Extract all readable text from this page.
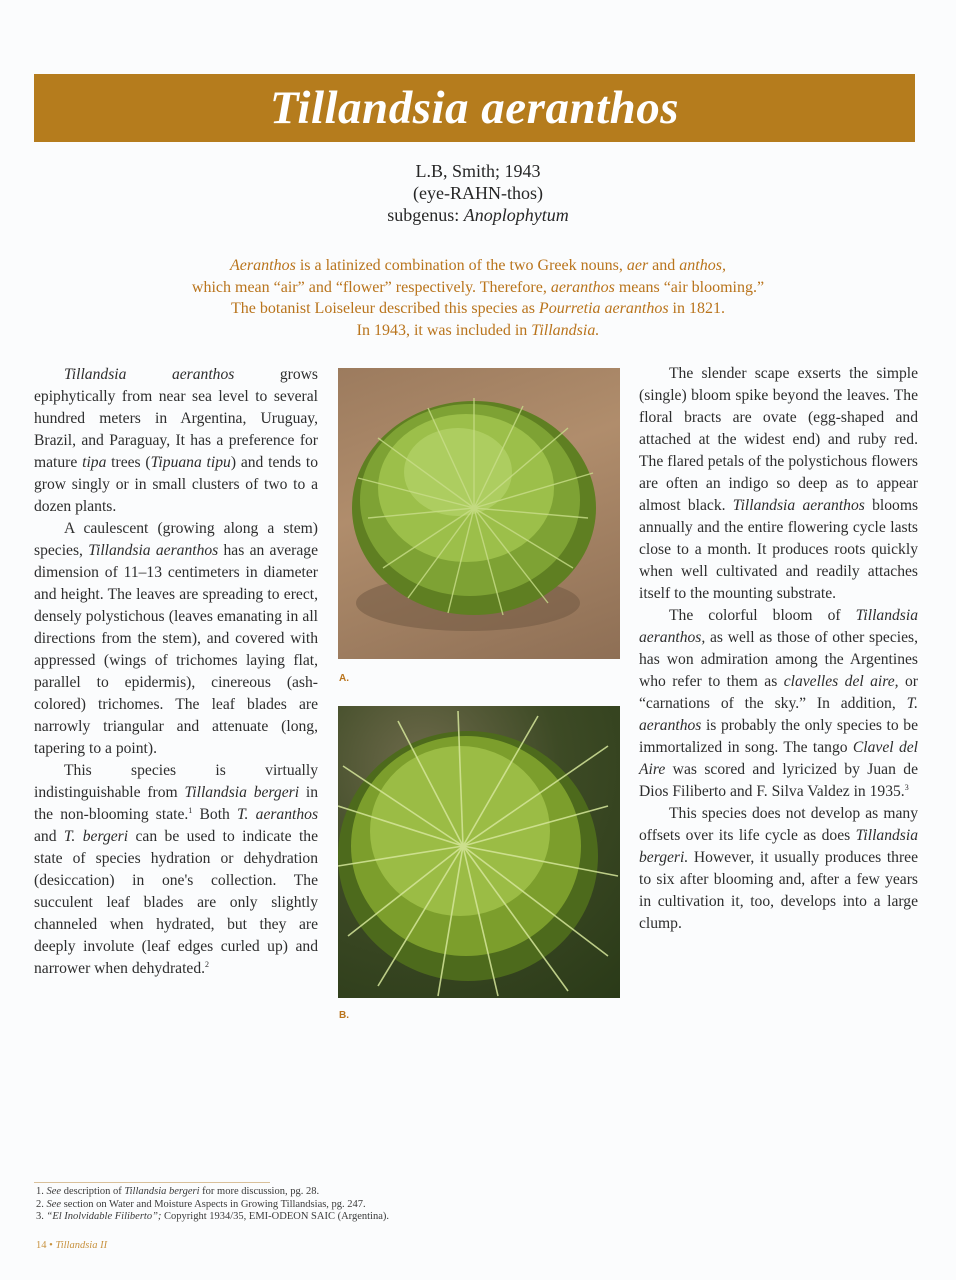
Tillandsia aeranthos
L.B, Smith; 1943
(eye-RAHN-thos)
subgenus: Anoplophytum
Aeranthos is a latinized combination of the two Greek nouns, aer and anthos,
which mean “air” and “flower” respectively. Therefore, aeranthos means “air blooming.”
The botanist Loiseleur described this species as Pourretia aeranthos in 1821.
In 1943, it was included in Tillandsia.

Tillandsia aeranthos grows epiphytically from near sea level to several hundred meters in Argentina, Uruguay, Brazil, and Paraguay, It has a preference for mature tipa trees (Tipuana tipu) and tends to grow singly or in small clusters of two to a dozen plants.

A caulescent (growing along a stem) species, Tillandsia aeranthos has an average dimension of 11–13 centimeters in diameter and height. The leaves are spreading to erect, densely polystichous (leaves emanating in all directions from the stem), and covered with appressed (wings of trichomes laying flat, parallel to epidermis), cinereous (ash-colored) trichomes. The leaf blades are narrowly triangular and attenuate (long, tapering to a point).

This species is virtually indistinguishable from Tillandsia bergeri in the non-blooming state.$^1$ Both T. aeranthos and T. bergeri can be used to indicate the state of species hydration or dehydration (desiccation) in one's collection. The succulent leaf blades are only slightly channeled when hydrated, but they are deeply involute (leaf edges curled up) and narrower when dehydrated.$^2$

A.
B.

The slender scape exserts the simple (single) bloom spike beyond the leaves. The floral bracts are ovate (egg-shaped and attached at the widest end) and ruby red. The flared petals of the polystichous flowers are often an indigo so deep as to appear almost black. Tillandsia aeranthos blooms annually and the entire flowering cycle lasts close to a month. It produces roots quickly when well cultivated and readily attaches itself to the mounting substrate.

The colorful bloom of Tillandsia aeranthos, as well as those of other species, has won admiration among the Argentines who refer to them as clavelles del aire, or “carnations of the sky.” In addition, T. aeranthos is probably the only species to be immortalized in song. The tango Clavel del Aire was scored and lyricized by Juan de Dios Filiberto and F. Silva Valdez in 1935.$^3$

This species does not develop as many offsets over its life cycle as does Tillandsia bergeri. However, it usually produces three to six after blooming and, after a few years in cultivation it, too, develops into a large clump.

1. See description of Tillandsia bergeri for more discussion, pg. 28.
2. See section on Water and Moisture Aspects in Growing Tillandsias, pg. 247.
3. “El Inolvidable Filiberto”; Copyright 1934/35, EMI-ODEON SAIC (Argentina).
14 • Tillandsia II
